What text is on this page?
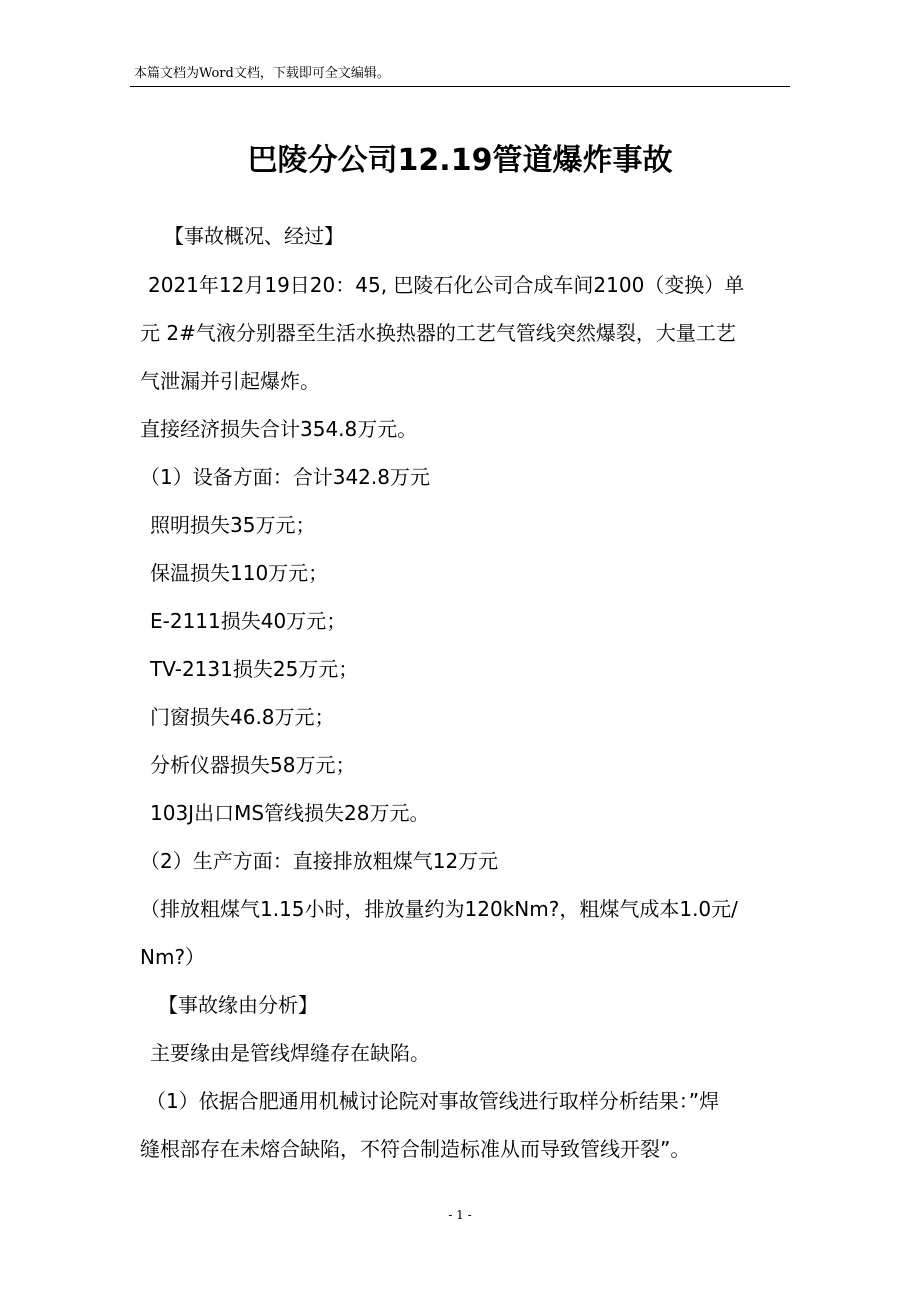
本篇文档为Word文档，下载即可全文编辑。
巴陵分公司12.19管道爆炸事故
【事故概况、经过】
2021年12月19日20：45, 巴陵石化公司合成车间2100（变换）单
元 2#气液分别器至生活水换热器的工艺气管线突然爆裂，大量工艺
气泄漏并引起爆炸。
直接经济损失合计354.8万元。
（1）设备方面：合计342.8万元
照明损失35万元；
保温损失110万元；
E-2111损失40万元；
TV-2131损失25万元；
门窗损失46.8万元；
分析仪器损失58万元；
103J出口MS管线损失28万元。
（2）生产方面：直接排放粗煤气12万元
（排放粗煤气1.15小时，排放量约为120kNm?，粗煤气成本1.0元/
Nm?）
【事故缘由分析】
主要缘由是管线焊缝存在缺陷。
（1）依据合肥通用机械讨论院对事故管线进行取样分析结果：”焊
缝根部存在未熔合缺陷，不符合制造标准从而导致管线开裂”。
- 1 -
